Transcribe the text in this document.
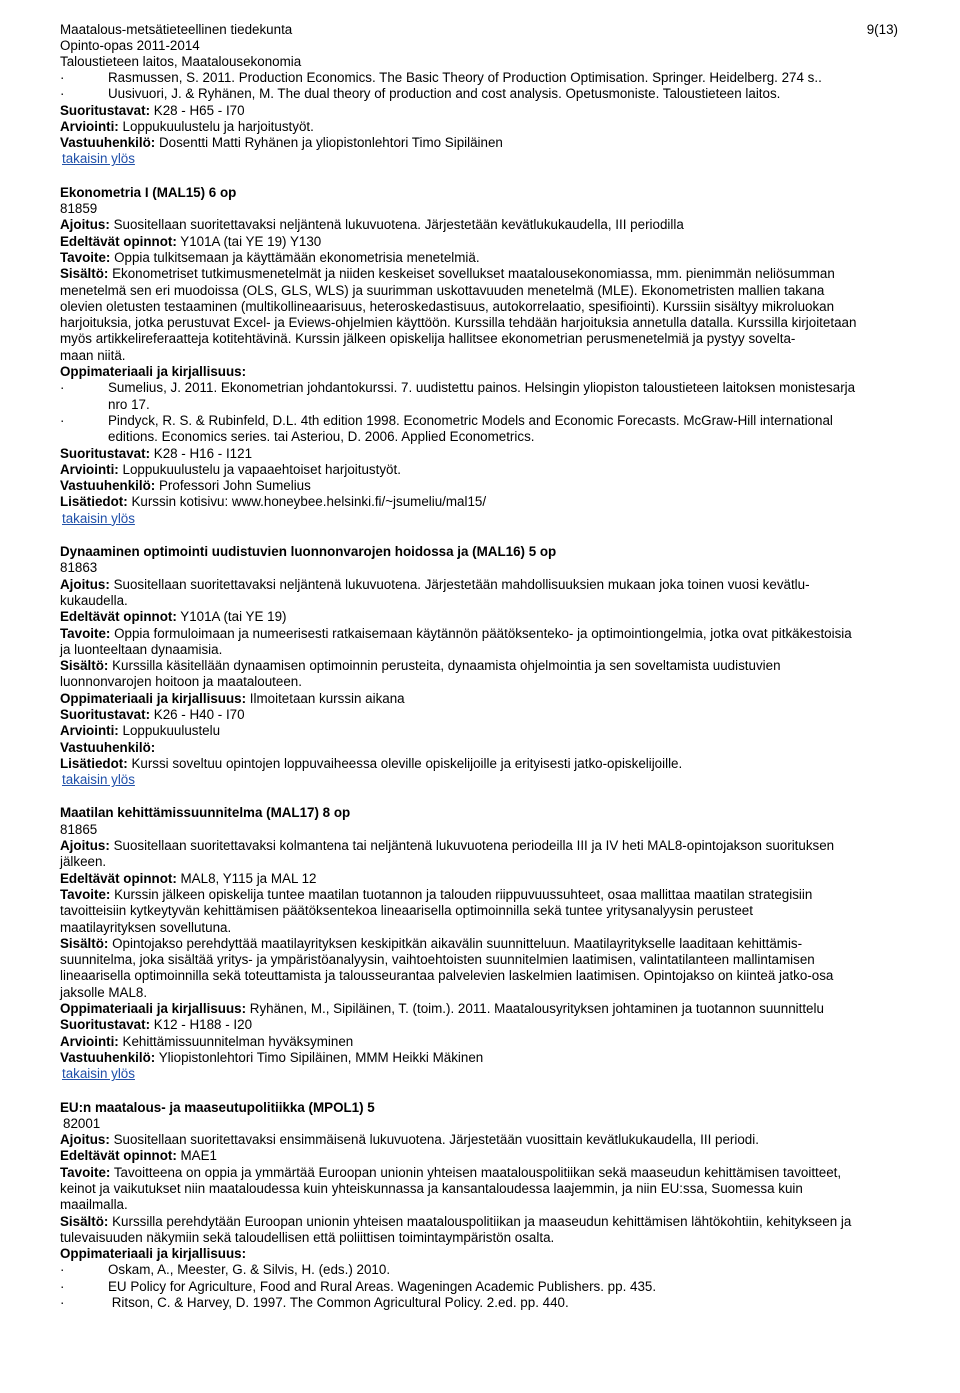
Maatalous-metsätieteellinen tiedekunta
Opinto-opas 2011-2014
Taloustieteen laitos, Maatalousekonomia
9(13)
·	Rasmussen, S. 2011. Production Economics. The Basic Theory of Production Optimisation. Springer. Heidelberg. 274 s..
·	Uusivuori, J. & Ryhänen, M. The dual theory of production and cost analysis. Opetusmoniste. Taloustieteen laitos.
Suoritustavat: K28 - H65 - I70
Arviointi: Loppukuulustelu ja harjoitustyöt.
Vastuuhenkilö: Dosentti Matti Ryhänen ja yliopistonlehtori Timo Sipiläinen
takaisin ylös
Ekonometria I (MAL15) 6 op
81859
Ajoitus: Suositellaan suoritettavaksi neljäntenä lukuvuotena. Järjestetään kevätlukukaudella, III periodilla
Edeltävät opinnot: Y101A (tai YE 19) Y130
Tavoite: Oppia tulkitsemaan ja käyttämään ekonometrisia menetelmiä.
Sisältö: Ekonometriset tutkimusmenetelmät ja niiden keskeiset sovellukset maatalousekonomiassa, mm. pienimmän neliösumman
menetelmä sen eri muodoissa (OLS, GLS, WLS) ja suurimman uskottavuuden menetelmä (MLE). Ekonometristen mallien takana
olevien oletusten testaaminen (multikollineaarisuus, heteroskedastisuus, autokorrelaatio, spesifiointi). Kurssiin sisältyy mikroluokan
harjoituksia, jotka perustuvat Excel- ja Eviews-ohjelmien käyttöön. Kurssilla tehdään harjoituksia annetulla datalla. Kurssilla kirjoitetaan
myös artikkelireferaatteja kotitehtävinä. Kurssin jälkeen opiskelija hallitsee ekonometrian perusmenetelmiä ja pystyy sovelta-
maan niitä.
Oppimateriaali ja kirjallisuus:
·	Sumelius, J. 2011. Ekonometrian johdantokurssi. 7. uudistettu painos. Helsingin yliopiston taloustieteen laitoksen monistesarja
nro 17.
·	Pindyck, R. S. & Rubinfeld, D.L. 4th edition 1998. Econometric Models and Economic Forecasts. McGraw-Hill international
editions. Economics series. tai Asteriou, D. 2006. Applied Econometrics.
Suoritustavat: K28 - H16 - I121
Arviointi: Loppukuulustelu ja vapaaehtoiset harjoitustyöt.
Vastuuhenkilö: Professori John Sumelius
Lisätiedot: Kurssin kotisivu: www.honeybee.helsinki.fi/~jsumeliu/mal15/
takaisin ylös
Dynaaminen optimointi uudistuvien luonnonvarojen hoidossa ja (MAL16) 5 op
81863
Ajoitus: Suositellaan suoritettavaksi neljäntenä lukuvuotena. Järjestetään mahdollisuuksien mukaan joka toinen vuosi kevätlu-
kukaudella.
Edeltävät opinnot: Y101A (tai YE 19)
Tavoite: Oppia formuloimaan ja numeerisesti ratkaisemaan käytännön päätöksenteko- ja optimointiongelmia, jotka ovat pitkäkestoisia
ja luonteeltaan dynaamisia.
Sisältö: Kurssilla käsitellään dynaamisen optimoinnin perusteita, dynaamista ohjelmointia ja sen soveltamista uudistuvien
luonnonvarojen hoitoon ja maatalouteen.
Oppimateriaali ja kirjallisuus: Ilmoitetaan kurssin aikana
Suoritustavat: K26 - H40 - I70
Arviointi: Loppukuulustelu
Vastuuhenkilö:
Lisätiedot: Kurssi soveltuu opintojen loppuvaiheessa oleville opiskelijoille ja erityisesti jatko-opiskelijoille.
takaisin ylös
Maatilan kehittämissuunnitelma (MAL17) 8 op
81865
Ajoitus: Suositellaan suoritettavaksi kolmantena tai neljäntenä lukuvuotena periodeilla III ja IV heti MAL8-opintojakson suorituksen
jälkeen.
Edeltävät opinnot: MAL8, Y115 ja MAL 12
Tavoite: Kurssin jälkeen opiskelija tuntee maatilan tuotannon ja talouden riippuvuussuhteet, osaa mallittaa maatilan strategisiin
tavoitteisiin kytkeytyvän kehittämisen päätöksentekoa lineaarisella optimoinnilla sekä tuntee yritysanalyysin perusteet
maatilayrityksen sovellutuna.
Sisältö: Opintojakso perehdyttää maatilayrityksen keskipitkän aikavälin suunnitteluun. Maatilayritykselle laaditaan kehittämis-
suunnitelma, joka sisältää yritys- ja ympäristöanalyysin, vaihtoehtoisten suunnitelmien laatimisen, valintatilanteen mallintamisen
lineaarisella optimoinnilla sekä toteuttamista ja talousseurantaa palvelevien laskelmien laatimisen. Opintojakso on kiinteä jatko-osa
jaksolle MAL8.
Oppimateriaali ja kirjallisuus: Ryhänen, M., Sipiläinen, T. (toim.). 2011. Maatalousyrityksen johtaminen ja tuotannon suunnittelu
Suoritustavat: K12 - H188 - I20
Arviointi: Kehittämissuunnitelman hyväksyminen
Vastuuhenkilö: Yliopistonlehtori Timo Sipiläinen, MMM Heikki Mäkinen
takaisin ylös
EU:n maatalous- ja maaseutupolitiikka (MPOL1) 5
82001
Ajoitus: Suositellaan suoritettavaksi ensimmäisenä lukuvuotena. Järjestetään vuosittain kevätlukukaudella, III periodi.
Edeltävät opinnot: MAE1
Tavoite: Tavoitteena on oppia ja ymmärtää Euroopan unionin yhteisen maatalouspolitiikan sekä maaseudun kehittämisen tavoitteet,
keinot ja vaikutukset niin maataloudessa kuin yhteiskunnassa ja kansantaloudessa laajemmin, ja niin EU:ssa, Suomessa kuin
maailmalla.
Sisältö: Kurssilla perehdytään Euroopan unionin yhteisen maatalouspolitiikan ja maaseudun kehittämisen lähtökohtiin, kehitykseen ja
tulevaisuuden näkymiin sekä taloudellisen että poliittisen toimintaympäristön osalta.
Oppimateriaali ja kirjallisuus:
·	Oskam, A., Meester, G. & Silvis, H. (eds.) 2010.
·	EU Policy for Agriculture, Food and Rural Areas. Wageningen Academic Publishers. pp. 435.
·	Ritson, C. & Harvey, D. 1997. The Common Agricultural Policy. 2.ed. pp. 440.
